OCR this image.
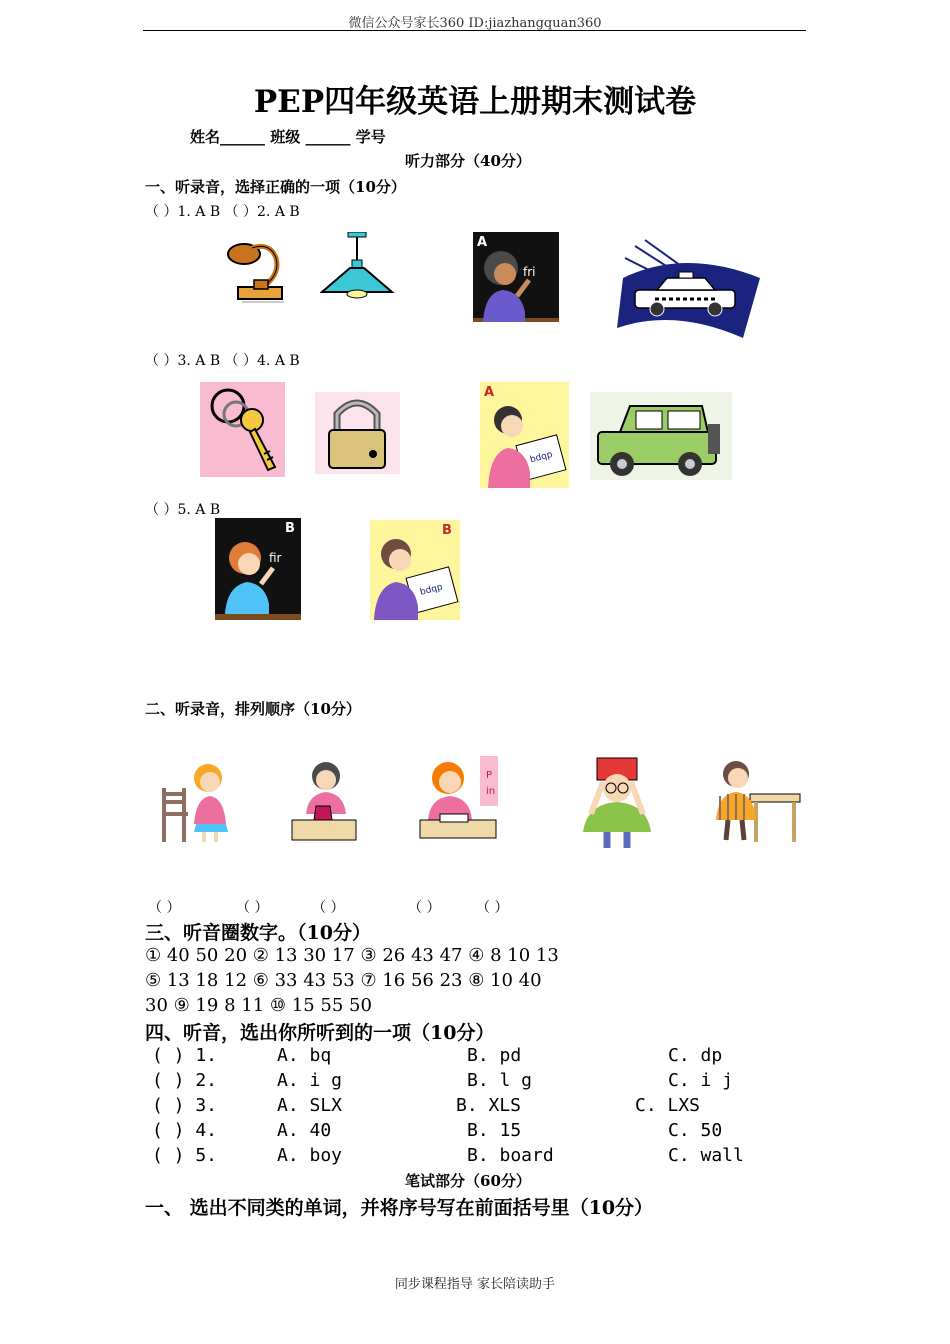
微信公众号家长360 ID:jiazhangquan360
PEP四年级英语上册期末测试卷
姓名______ 班级 ______ 学号
听力部分（40分）
一、听录音，选择正确的一项（10分）
（ ）1. A B （ ）2. A B
A
fri
（ ）3. A B （ ）4. A B
A
bdqp
（ ）5. A B
B
fir
B
bdqp
二、听录音，排列顺序（10分）
P
in
（ ）	（ ）	（ ）	（ ）	（ ）
三、听音圈数字。（10分）
① 40 50 20 ② 13 30 17 ③ 26 43 47 ④ 8 10 13
⑤ 13 18 12 ⑥ 33 43 53 ⑦ 16 56 23 ⑧ 10 40
30 ⑨ 19 8 11 ⑩ 15 55 50
四、听音，选出你所听到的一项（10分）
( ) 1.	A. bq	B. pd	C. dp
( ) 2.	A. i g	B. l g	C. i j
( ) 3.	A. SLX	B. XLS	C. LXS
( ) 4.	A. 40	B. 15	C. 50
( ) 5.	A. boy	B. board	C. wall
笔试部分（60分）
一、 选出不同类的单词，并将序号写在前面括号里（10分）
同步课程指导 家长陪读助手
